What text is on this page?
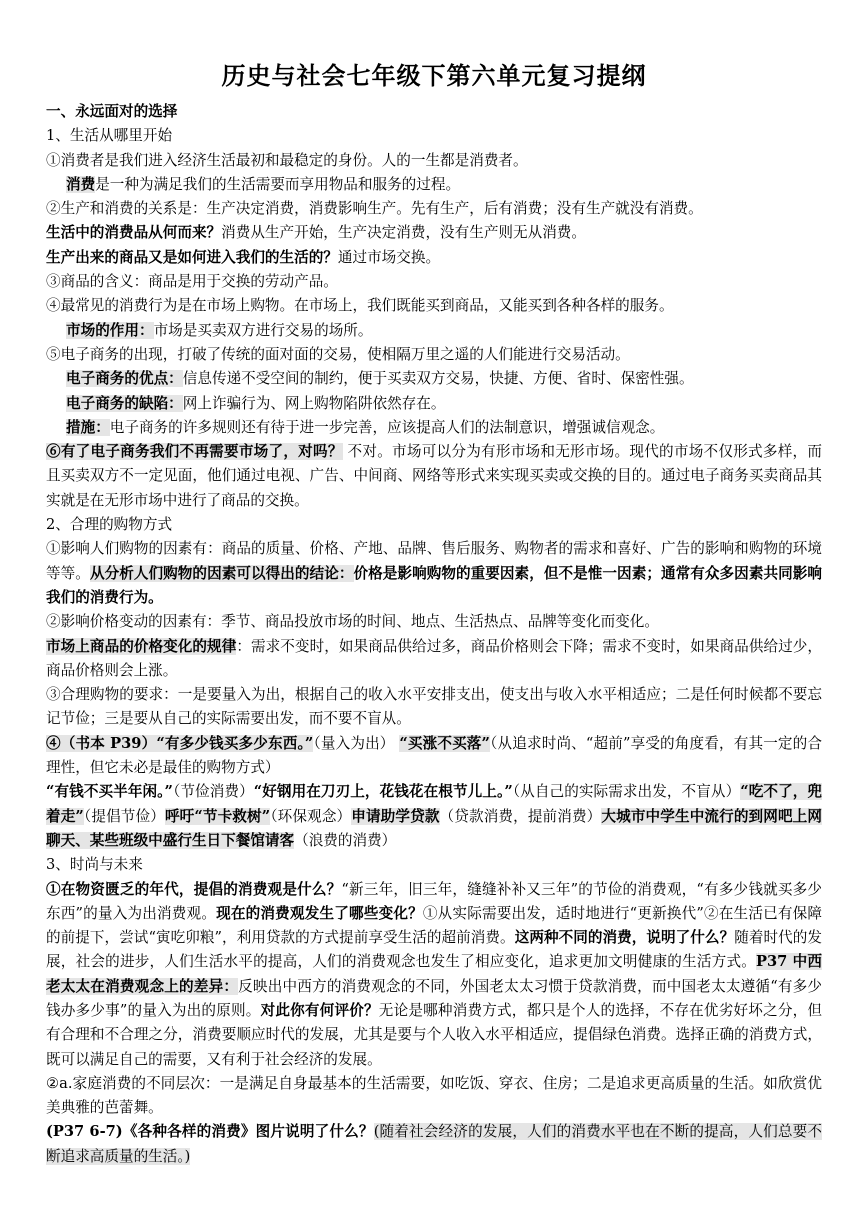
历史与社会七年级下第六单元复习提纲
一、永远面对的选择
1、生活从哪里开始
①消费者是我们进入经济生活最初和最稳定的身份。人的一生都是消费者。
消费是一种为满足我们的生活需要而享用物品和服务的过程。
②生产和消费的关系是：生产决定消费，消费影响生产。先有生产，后有消费；没有生产就没有消费。
生活中的消费品从何而来？消费从生产开始，生产决定消费，没有生产则无从消费。
生产出来的商品又是如何进入我们的生活的？通过市场交换。
③商品的含义：商品是用于交换的劳动产品。
④最常见的消费行为是在市场上购物。在市场上，我们既能买到商品，又能买到各种各样的服务。
市场的作用：市场是买卖双方进行交易的场所。
⑤电子商务的出现，打破了传统的面对面的交易，使相隔万里之遥的人们能进行交易活动。
电子商务的优点：信息传递不受空间的制约，便于买卖双方交易，快捷、方便、省时、保密性强。
电子商务的缺陷：网上诈骗行为、网上购物陷阱依然存在。
措施：电子商务的许多规则还有待于进一步完善，应该提高人们的法制意识，增强诚信观念。
⑥有了电子商务我们不再需要市场了，对吗？ 不对。市场可以分为有形市场和无形市场。现代的市场不仅形式多样，而且买卖双方不一定见面，他们通过电视、广告、中间商、网络等形式来实现买卖或交换的目的。通过电子商务买卖商品其实就是在无形市场中进行了商品的交换。
2、合理的购物方式
①影响人们购物的因素有：商品的质量、价格、产地、品牌、售后服务、购物者的需求和喜好、广告的影响和购物的环境等等。从分析人们购物的因素可以得出的结论：价格是影响购物的重要因素，但不是惟一因素；通常有众多因素共同影响我们的消费行为。
②影响价格变动的因素有：季节、商品投放市场的时间、地点、生活热点、品牌等变化而变化。
市场上商品的价格变化的规律：需求不变时，如果商品供给过多，商品价格则会下降；需求不变时，如果商品供给过少，商品价格则会上涨。
③合理购物的要求：一是要量入为出，根据自己的收入水平安排支出，使支出与收入水平相适应；二是任何时候都不要忘记节俭；三是要从自己的实际需要出发，而不要不盲从。
④（书本 P39）“有多少钱买多少东西。”（量入为出） “买涨不买落”（从追求时尚、“超前”享受的角度看，有其一定的合理性，但它未必是最佳的购物方式）
“有钱不买半年闲。”（节俭消费）“好钢用在刀刃上，花钱花在根节儿上。”（从自己的实际需求出发，不盲从）“吃不了，兜着走”（提倡节俭）呼吁“节卡救树”（环保观念）申请助学贷款（贷款消费，提前消费）大城市中学生中流行的到网吧上网聊天、某些班级中盛行生日下餐馆请客（浪费的消费）
3、时尚与未来
①在物资匮乏的年代，提倡的消费观是什么？“新三年，旧三年，缝缝补补又三年”的节俭的消费观，“有多少钱就买多少东西”的量入为出消费观。现在的消费观发生了哪些变化？①从实际需要出发，适时地进行“更新换代”②在生活已有保障的前提下，尝试“寅吃卯粮”，利用贷款的方式提前享受生活的超前消费。这两种不同的消费，说明了什么？随着时代的发展，社会的进步，人们生活水平的提高，人们的消费观念也发生了相应变化，追求更加文明健康的生活方式。P37 中西老太太在消费观念上的差异：反映出中西方的消费观念的不同，外国老太太习惯于贷款消费，而中国老太太遵循“有多少钱办多少事”的量入为出的原则。对此你有何评价？无论是哪种消费方式，都只是个人的选择，不存在优劣好坏之分，但有合理和不合理之分，消费要顺应时代的发展，尤其是要与个人收入水平相适应，提倡绿色消费。选择正确的消费方式，既可以满足自己的需要，又有利于社会经济的发展。
②a.家庭消费的不同层次：一是满足自身最基本的生活需要，如吃饭、穿衣、住房；二是追求更高质量的生活。如欣赏优美典雅的芭蕾舞。
(P37 6-7)《各种各样的消费》图片说明了什么？(随着社会经济的发展，人们的消费水平也在不断的提高，人们总要不断追求高质量的生活。)
